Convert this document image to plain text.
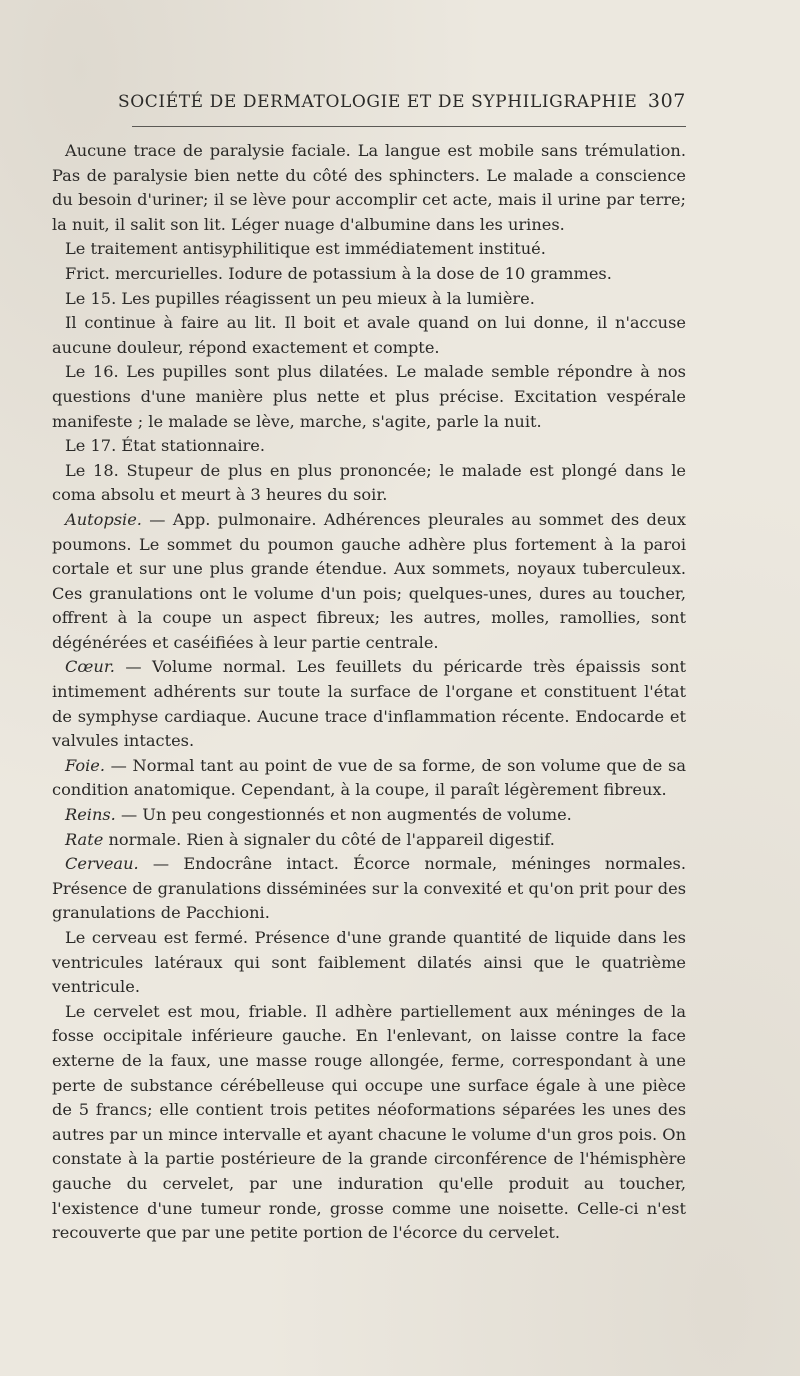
SOCIÉTÉ DE DERMATOLOGIE ET DE SYPHILIGRAPHIE 307

Aucune trace de paralysie faciale. La langue est mobile sans trémulation. Pas de paralysie bien nette du côté des sphincters. Le malade a conscience du besoin d'uriner; il se lève pour accomplir cet acte, mais il urine par terre; la nuit, il salit son lit. Léger nuage d'albumine dans les urines.

Le traitement antisyphilitique est immédiatement institué.

Frict. mercurielles. Iodure de potassium à la dose de 10 grammes.

Le 15. Les pupilles réagissent un peu mieux à la lumière.

Il continue à faire au lit. Il boit et avale quand on lui donne, il n'accuse aucune douleur, répond exactement et compte.

Le 16. Les pupilles sont plus dilatées. Le malade semble répondre à nos questions d'une manière plus nette et plus précise. Excitation vespérale manifeste ; le malade se lève, marche, s'agite, parle la nuit.

Le 17. État stationnaire.

Le 18. Stupeur de plus en plus prononcée; le malade est plongé dans le coma absolu et meurt à 3 heures du soir.

Autopsie. — App. pulmonaire. Adhérences pleurales au sommet des deux poumons. Le sommet du poumon gauche adhère plus fortement à la paroi cortale et sur une plus grande étendue. Aux sommets, noyaux tuberculeux. Ces granulations ont le volume d'un pois; quelques-unes, dures au toucher, offrent à la coupe un aspect fibreux; les autres, molles, ramollies, sont dégénérées et caséifiées à leur partie centrale.

Cœur. — Volume normal. Les feuillets du péricarde très épaissis sont intimement adhérents sur toute la surface de l'organe et constituent l'état de symphyse cardiaque. Aucune trace d'inflammation récente. Endocarde et valvules intactes.

Foie. — Normal tant au point de vue de sa forme, de son volume que de sa condition anatomique. Cependant, à la coupe, il paraît légèrement fibreux.

Reins. — Un peu congestionnés et non augmentés de volume.

Rate normale. Rien à signaler du côté de l'appareil digestif.

Cerveau. — Endocrâne intact. Écorce normale, méninges normales. Présence de granulations disséminées sur la convexité et qu'on prit pour des granulations de Pacchioni.

Le cerveau est fermé. Présence d'une grande quantité de liquide dans les ventricules latéraux qui sont faiblement dilatés ainsi que le quatrième ventricule.

Le cervelet est mou, friable. Il adhère partiellement aux méninges de la fosse occipitale inférieure gauche. En l'enlevant, on laisse contre la face externe de la faux, une masse rouge allongée, ferme, correspondant à une perte de substance cérébelleuse qui occupe une surface égale à une pièce de 5 francs; elle contient trois petites néoformations séparées les unes des autres par un mince intervalle et ayant chacune le volume d'un gros pois. On constate à la partie postérieure de la grande circonférence de l'hémisphère gauche du cervelet, par une induration qu'elle produit au toucher, l'existence d'une tumeur ronde, grosse comme une noisette. Celle-ci n'est recouverte que par une petite portion de l'écorce du cervelet.
